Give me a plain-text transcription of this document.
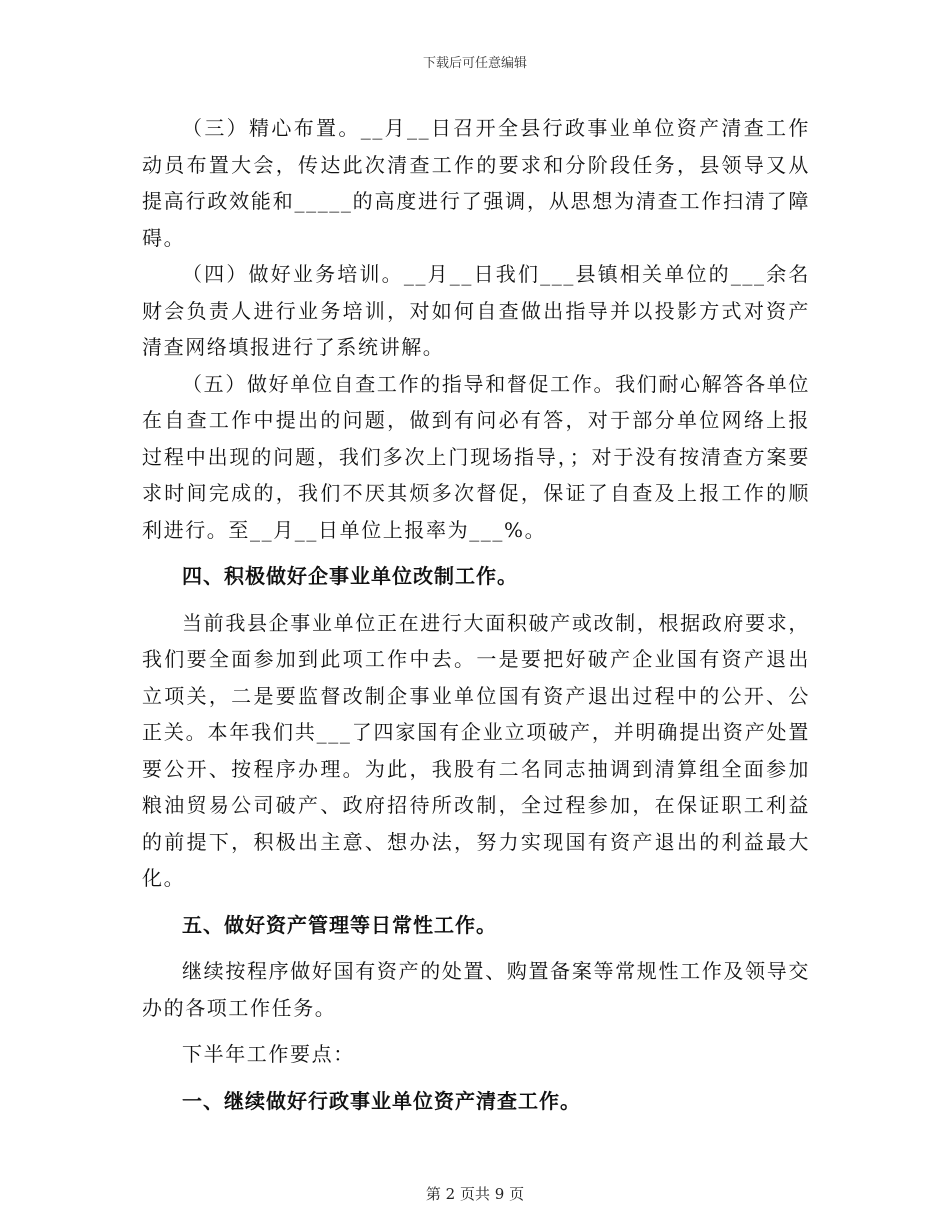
下载后可任意编辑

（三）精心布置。__月__日召开全县行政事业单位资产清查工作动员布置大会，传达此次清查工作的要求和分阶段任务，县领导又从提高行政效能和_____的高度进行了强调，从思想为清查工作扫清了障碍。

（四）做好业务培训。__月__日我们___县镇相关单位的___余名财会负责人进行业务培训，对如何自查做出指导并以投影方式对资产清查网络填报进行了系统讲解。

（五）做好单位自查工作的指导和督促工作。我们耐心解答各单位在自查工作中提出的问题，做到有问必有答，对于部分单位网络上报过程中出现的问题，我们多次上门现场指导，；对于没有按清查方案要求时间完成的，我们不厌其烦多次督促，保证了自查及上报工作的顺利进行。至__月__日单位上报率为___%。

四、积极做好企事业单位改制工作。

当前我县企事业单位正在进行大面积破产或改制，根据政府要求，我们要全面参加到此项工作中去。一是要把好破产企业国有资产退出立项关，二是要监督改制企事业单位国有资产退出过程中的公开、公正关。本年我们共___了四家国有企业立项破产，并明确提出资产处置要公开、按程序办理。为此，我股有二名同志抽调到清算组全面参加粮油贸易公司破产、政府招待所改制，全过程参加，在保证职工利益的前提下，积极出主意、想办法，努力实现国有资产退出的利益最大化。

五、做好资产管理等日常性工作。

继续按程序做好国有资产的处置、购置备案等常规性工作及领导交办的各项工作任务。

下半年工作要点：

一、继续做好行政事业单位资产清查工作。

第 2 页共 9 页
